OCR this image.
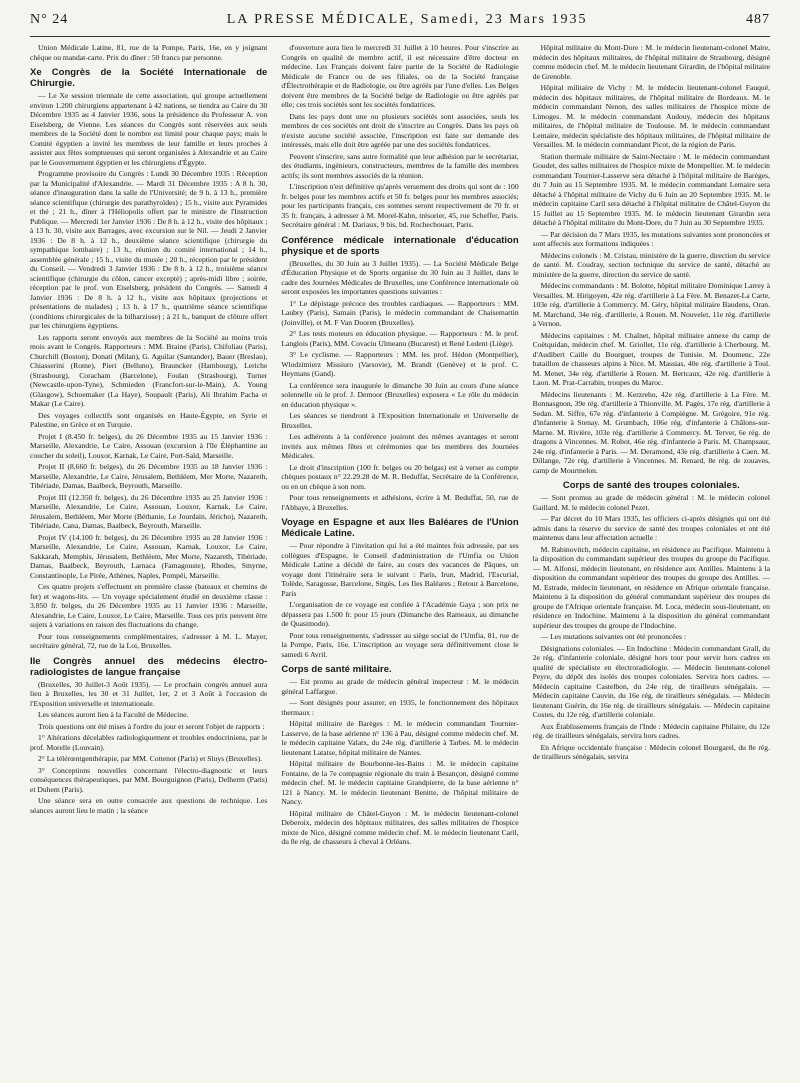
N° 24	LA PRESSE MÉDICALE, Samedi, 23 Mars 1935	487

Union Médicale Latine, 81, rue de la Pompe, Paris, 16e, en y joignant chèque ou mandat-carte. Prix du dîner : 50 francs par personne.

Xe Congrès de la Société Internationale de Chirurgie.

— Le Xe session triennale de cette association, qui groupe actuellement environ 1.200 chirurgiens appartenant à 42 nations, se tiendra au Caire du 30 Décembre 1935 au 4 Janvier 1936, sous la présidence du Professeur A. von Eiselsberg, de Vienne. Les séances du Congrès sont réservées aux seuls membres de la Société dont le nombre est limité pour chaque pays; mais le Comité égyptien a invité les membres de leur famille et leurs proches à assister aux fêtes somptueuses qui seront organisées à Alexandrie et au Caire par le Gouvernement égyptien et les chirurgiens d'Égypte.

Programme provisoire du Congrès : Lundi 30 Décembre 1935 : Réception par la Municipalité d'Alexandrie. — Mardi 31 Décembre 1935 : A 8 h. 30, séance d'inauguration dans la salle de l'Université; de 9 h. à 13 h., première séance scientifique (chirurgie des parathyroïdes) ; 15 h., visite aux Pyramides et thé ; 21 h., dîner à l'Héliopolis offert par le ministre de l'Instruction Publique. — Mercredi 1er Janvier 1936 : De 8 h. à 12 h., visite des hôpitaux ; à 13 h. 30, visite aux Barrages, avec excursion sur le Nil. — Jeudi 2 Janvier 1936 : De 8 h. à 12 h., deuxième séance scientifique (chirurgie du sympathique lombaire) ; 13 h., réunion du comité international ; 14 h., assemblée générale ; 15 h., visite du musée ; 20 h., réception par le président du Conseil. — Vendredi 3 Janvier 1936 : De 8 h. à 12 h., troisième séance scientifique (chirurgie du côlon, cancer excepté) ; après-midi libre ; soirée, réception par le prof. von Eiselsberg, président du Congrès. — Samedi 4 Janvier 1936 : De 8 h. à 12 h., visite aux hôpitaux (projections et présentations de malades) ; 13 h. à 17 h., quatrième séance scientifique (conditions chirurgicales de la bilharziose) ; à 21 h., banquet de clôture offert par les chirurgiens égyptiens.

Les rapports seront envoyés aux membres de la Société au moins trois mois avant le Congrès. Rapporteurs : MM. Braine (Paris), Chifoliau (Paris), Churchill (Boston), Donati (Milan), G. Aguilar (Santander), Bauer (Breslau), Chiasserini (Rome), Pieri (Belluno), Brauncker (Hambourg), Leriche (Strasbourg), Coracham (Barcelone), Foulan (Strasbourg), Turner (Newcastle-upon-Tyne), Schmieden (Francfort-sur-le-Main), A. Young (Glasgow), Schoemaker (La Haye), Soupault (Paris), Ali Ibrahim Pacha et Makar (Le Caire).

Des voyages collectifs sont organisés en Haute-Égypte, en Syrie et Palestine, en Grèce et en Turquie.

Projet I (8.450 fr. belges), du 26 Décembre 1935 au 15 Janvier 1936 : Marseille, Alexandrie, Le Caire, Assouan (excursion à l'île Éléphantine au coucher du soleil), Louxor, Karnak, Le Caire, Port-Saïd, Marseille.

Projet II (8.660 fr. belges), du 26 Décembre 1935 au 18 Janvier 1936 : Marseille, Alexandrie, Le Caire, Jérusalem, Bethléem, Mer Morte, Nazareth, Tibériade, Damas, Baalbeck, Beyrouth, Marseille.

Projet III (12.350 fr. belges), du 26 Décembre 1935 au 25 Janvier 1936 : Marseille, Alexandrie, Le Caire, Assouan, Louxor, Karnak, Le Caire, Jérusalem, Bethléem, Mer Morte (Béthanie, Le Jourdain, Jéricho), Nazareth, Tibériade, Cana, Damas, Baalbeck, Beyrouth, Marseille.

Projet IV (14.100 fr. belges), du 26 Décembre 1935 au 28 Janvier 1936 : Marseille, Alexandrie, Le Caire, Assouan, Karnak, Louxor, Le Caire, Sakkarah, Memphis, Jérusalem, Bethléem, Mer Morte, Nazareth, Tibériade, Damas, Baalbeck, Beyrouth, Larnaca (Famagouste), Rhodes, Smyrne, Constantinople, Le Pirée, Athènes, Naples, Pompéi, Marseille.

Ces quatre projets s'effectuent en première classe (bateaux et chemins de fer) et wagons-lits. — Un voyage spécialement étudié en deuxième classe : 3.850 fr. belges, du 26 Décembre 1935 au 11 Janvier 1936 : Marseille, Alexandrie, Le Caire, Louxor, Le Caire, Marseille. Tous ces prix peuvent être sujets à variations en raison des fluctuations du change.

Pour tous renseignements complémentaires, s'adresser à M. L. Mayer, secrétaire général, 72, rue de la Loi, Bruxelles.

IIe Congrès annuel des médecins électro-radiologistes de langue française

(Bruxelles, 30 Juillet-3 Août 1935). — Le prochain congrès annuel aura lieu à Bruxelles, les 30 et 31 Juillet, 1er, 2 et 3 Août à l'occasion de l'Exposition universelle et internationale.

Les séances auront lieu à la Faculté de Médecine.

Trois questions ont été mises à l'ordre du jour et seront l'objet de rapports :

1° Altérations décelables radiologiquement et troubles endocriniens, par le prof. Morelle (Louvain).

2° La télérœntgenthérapie, par MM. Cottenot (Paris) et Sluys (Bruxelles).

3° Conceptions nouvelles concernant l'électro-diagnostic et leurs conséquences thérapeutiques, par MM. Bourguignon (Paris), Delherm (Paris) et Duhem (Paris).

Une séance sera en outre consacrée aux questions de technique. Les séances auront lieu le matin ; la séance

d'ouverture aura lieu le mercredi 31 Juillet à 10 heures. Pour s'inscrire au Congrès en qualité de membre actif, il est nécessaire d'être docteur en médecine. Les Français doivent faire partie de la Société de Radiologie Médicale de France ou de ses filiales, ou de la Société française d'Électrothérapie et de Radiologie, ou être agréés par l'une d'elles. Les Belges doivent être membres de la Société belge de Radiologie ou être agréés par elle; ces trois sociétés sont les sociétés fondatrices.

Dans les pays dont une ou plusieurs sociétés sont associées, seuls les membres de ces sociétés ont droit de s'inscrire au Congrès. Dans les pays où n'existe aucune société associée, l'inscription est faite sur demande des intéressés, mais elle doit être agréée par une des sociétés fondatrices.

Peuvent s'inscrire, sans autre formalité que leur adhésion par le secrétariat, des étudiants, ingénieurs, constructeurs, membres de la famille des membres actifs; ils sont membres associés de la réunion.

L'inscription n'est définitive qu'après versement des droits qui sont de : 100 fr. belges pour les membres actifs et 50 fr. belges pour les membres associés; pour les participants français, ces sommes seront respectivement de 70 fr. et 35 fr. français, à adresser à M. Morel-Kahn, trésorier, 45, rue Scheffer, Paris. Secrétaire général : M. Dariaux, 9 bis, bd. Rochechouart, Paris.

Conférence médicale internationale d'éducation physique et de sports

(Bruxelles, du 30 Juin au 3 Juillet 1935). — La Société Médicale Belge d'Éducation Physique et de Sports organise du 30 Juin au 3 Juillet, dans le cadre des Journées Médicales de Bruxelles, une Conférence internationale où seront exposées les importantes questions suivantes :

1° Le dépistage précoce des troubles cardiaques. — Rapporteurs : MM. Laubry (Paris), Samain (Paris), le médecin commandant de Chaisemartin (Joinville), et M. F Van Dooren (Bruxelles).

2° Les tests moteurs en éducation physique. — Rapporteurs : M. le prof. Langlois (Paris), MM. Covaciu Ulmeanu (Bucarest) et René Ledent (Liège).

3° Le cyclisme. — Rapporteurs : MM. les prof. Hédon (Montpellier), Wlodzimierz Missiuro (Varsovie), M. Brandt (Genève) et le prof. C. Heymans (Gand).

La conférence sera inaugurée le dimanche 30 Juin au cours d'une séance solennelle où le prof. J. Demoor (Bruxelles) exposera « Le rôle du médecin en éducation physique ».

Les séances se tiendront à l'Exposition Internationale et Universelle de Bruxelles.

Les adhérents à la conférence jouiront des mêmes avantages et seront invités aux mêmes fêtes et cérémonies que les membres des Journées Médicales.

Le droit d'inscription (100 fr. belges ou 20 belgas) est à verser au compte chèques postaux n° 22.29.28 de M. R. Beduffat, Secrétaire de la Conférence, ou en un chèque à son nom.

Pour tous renseignements et adhésions, écrire à M. Beduffat, 50, rue de l'Abbaye, à Bruxelles.

Voyage en Espagne et aux Iles Baléares de l'Union Médicale Latine.

— Pour répondre à l'invitation qui lui a été maintes fois adressée, par ses collègues d'Espagne, le Conseil d'administration de l'Umfia ou Union Médicale Latine a décidé de faire, au cours des vacances de Pâques, un voyage dont l'itinéraire sera le suivant : Paris, Irun, Madrid, l'Escurial, Tolède, Saragosse, Barcelone, Sitgès, Les Iles Baléares ; Retour à Barcelone, Paris

L'organisation de ce voyage est confiée à l'Académie Gaya ; son prix ne dépassera pas 1.500 fr. pour 15 jours (Dimanche des Rameaux, au dimanche de Quasimodo).

Pour tous renseignements, s'adresser au siège social de l'Umfia, 81, rue de la Pompe, Paris, 16e. L'inscription au voyage sera définitivement close le samedi 6 Avril.

Corps de santé militaire.

— Est promu au grade de médecin général inspecteur : M. le médecin général Laffargue.

— Sont désignés pour assurer, en 1935, le fonctionnement des hôpitaux thermaux :

Hôpital militaire de Barèges : M. le médecin commandant Tournier-Lasserve, de la base aérienne n° 136 à Pau, désigné comme médecin chef. M. le médecin capitaine Valatx, du 24e rég. d'artillerie à Tarbes. M. le médecin lieutenant Latatse, hôpital militaire de Nantes.

Hôpital militaire de Bourbonne-les-Bains : M. le médecin capitaine Fontaine, de la 7e compagnie régionale du train à Besançon, désigné comme médecin chef. M. le médecin capitaine Grandpierre, de la base aérienne n° 121 à Nancy. M. le médecin lieutenant Benitte, de l'hôpital militaire de Nancy.

Hôpital militaire de Châtel-Guyon : M. le médecin lieutenant-colonel Deberoix, médecin des hôpitaux militaires, des salles militaires de l'hospice mixte de Nice, désigné comme médecin chef. M. le médecin lieutenant Caril, du 8e rég. de chasseurs à cheval à Orléans.

Hôpital militaire du Mont-Dore : M. le médecin lieutenant-colonel Maire, médecin des hôpitaux militaires, de l'hôpital militaire de Strasbourg, désigné comme médecin chef. M. le médecin lieutenant Girardin, de l'hôpital militaire de Grenoble.

Hôpital militaire de Vichy : M. le médecin lieutenant-colonel Fauqué, médecin des hôpitaux militaires, de l'hôpital militaire de Bordeaux. M. le médecin commandant Nenon, des salles militaires de l'hospice mixte de Limoges. M. le médecin commandant Audouy, médecin des hôpitaux militaires, de l'hôpital militaire de Toulouse. M. le médecin commandant Lemaire, médecin spécialiste des hôpitaux militaires, de l'hôpital militaire de Versailles. M. le médecin commandant Picot, de la région de Paris.

Station thermale militaire de Saint-Nectaire : M. le médecin commandant Goudet, des salles militaires de l'hospice mixte de Montpellier. M. le médecin commandant Tournier-Lasserve sera détaché à l'hôpital militaire de Barèges, du 7 Juin au 15 Septembre 1935. M. le médecin commandant Lemaire sera détaché à l'hôpital militaire de Vichy du 6 Juin au 20 Septembre 1935. M. le médecin capitaine Caril sera détaché à l'hôpital militaire de Châtel-Guyon du 15 Juillet au 15 Septembre 1935. M. le médecin lieutenant Girardin sera détaché à l'hôpital militaire du Mont-Dore, du 7 Juin au 30 Septembre 1935.

— Par décision du 7 Mars 1935, les mutations suivantes sont prononcées et sont affectés aux formations indiquées :

Médecins colonels : M. Cristau, ministère de la guerre, direction du service de santé. M. Coudray, section technique du service de santé, détaché au ministère de la guerre, direction du service de santé.

Médecins commandants : M. Bolotte, hôpital militaire Dominique Larrey à Versailles. M. Hirigoyen, 42e rég. d'artillerie à La Fère. M. Benazet-La Carte, 103e rég. d'artillerie à Commercy. M. Géry, hôpital militaire Baudens, Oran. M. Marchand, 34e rég. d'artillerie, à Rouen. M. Nouvelet, 11e rég. d'artillerie à Vernon.

Médecins capitaines : M. Chaînet, hôpital militaire annexe du camp de Coëtquidan, médecin chef. M. Griollet, 11e rég. d'artillerie à Cherbourg. M. d'Audibert Caille du Bourguet, troupes de Tunisie. M. Doumenc, 22e bataillon de chasseurs alpins à Nice. M. Massias, 40e rég. d'artillerie à Toul. M. Menet, 34e rég. d'artillerie à Rouen. M. Bertcaux, 42e rég. d'artillerie à Laon. M. Prat-Carrabin, troupes du Maroc.

Médecins lieutenants : M. Kerzreho, 42e rég. d'artillerie à La Fère. M. Bonnasgnon, 39e rég. d'artillerie à Thionville. M. Pagès, 17e rég. d'artillerie à Sedan. M. Siffre, 67e rég. d'infanterie à Compiègne. M. Grégoire, 91e rég. d'infanterie à Stenay. M. Grumbach, 106e rég. d'infanterie à Châlons-sur-Marne. M. Rivière, 103e rég. d'artillerie à Commercy. M. Terver, 6e rég. de dragons à Vincennes. M. Robot, 46e rég. d'infanterie à Paris. M. Champsaur, 24e rég. d'infanterie à Paris. — M. Deramond, 43e rég. d'artillerie à Caen. M. Dillange, 72e rég. d'artillerie à Vincennes. M. Renard, 8e rég. de zouaves, camp de Mourmelon.

Corps de santé des troupes coloniales.

— Sont promus au grade de médecin général : M. le médecin colonel Gaillard. M. le médecin colonel Pezet.

— Par décret du 10 Mars 1935, les officiers ci-après désignés qui ont été admis dans la réserve du service de santé des troupes coloniales et ont été maintenus dans leur affectation actuelle :

M. Rabinovitch, médecin capitaine, en résidence au Pacifique. Maintenu à la disposition du commandant supérieur des troupes du groupe du Pacifique. — M. Alfonsi, médecin lieutenant, en résidence aux Antilles. Maintenu à la disposition du commandant supérieur des troupes du groupe des Antilles. — M. Estrade, médecin lieutenant, en résidence en Afrique orientale française. Maintenu à la disposition du général commandant supérieur des troupes du groupe de l'Afrique orientale française. M. Loca, médecin sous-lieutenant, en résidence en Indochine. Maintenu à la disposition du général commandant supérieur des troupes du groupe de l'Indochine.

— Les mutations suivantes ont été prononcées :

Désignations coloniales. — En Indochine : Médecin commandant Grall, du 2e rég. d'infanterie coloniale, désigné hors tour pour servir hors cadres en qualité de spécialiste en électroradiologie. — Médecin lieutenant-colonel Peyre, du dépôt des isolés des troupes coloniales. Servira hors cadres. — Médecin capitaine Castelbon, du 24e rég. de tirailleurs sénégalais. — Médecin capitaine Cauvin, du 16e rég. de tirailleurs sénégalais. — Médecin lieutenant Guérin, du 16e rég. de tirailleurs sénégalais. — Médecin capitaine Costes, du 12e rég. d'artillerie coloniale.

Aux Établissements français de l'Inde : Médecin capitaine Philaire, du 12e rég. de tirailleurs sénégalais, servira hors cadres.

En Afrique occidentale française : Médecin colonel Bourgarel, du 8e rég. de tirailleurs sénégalais, servira
